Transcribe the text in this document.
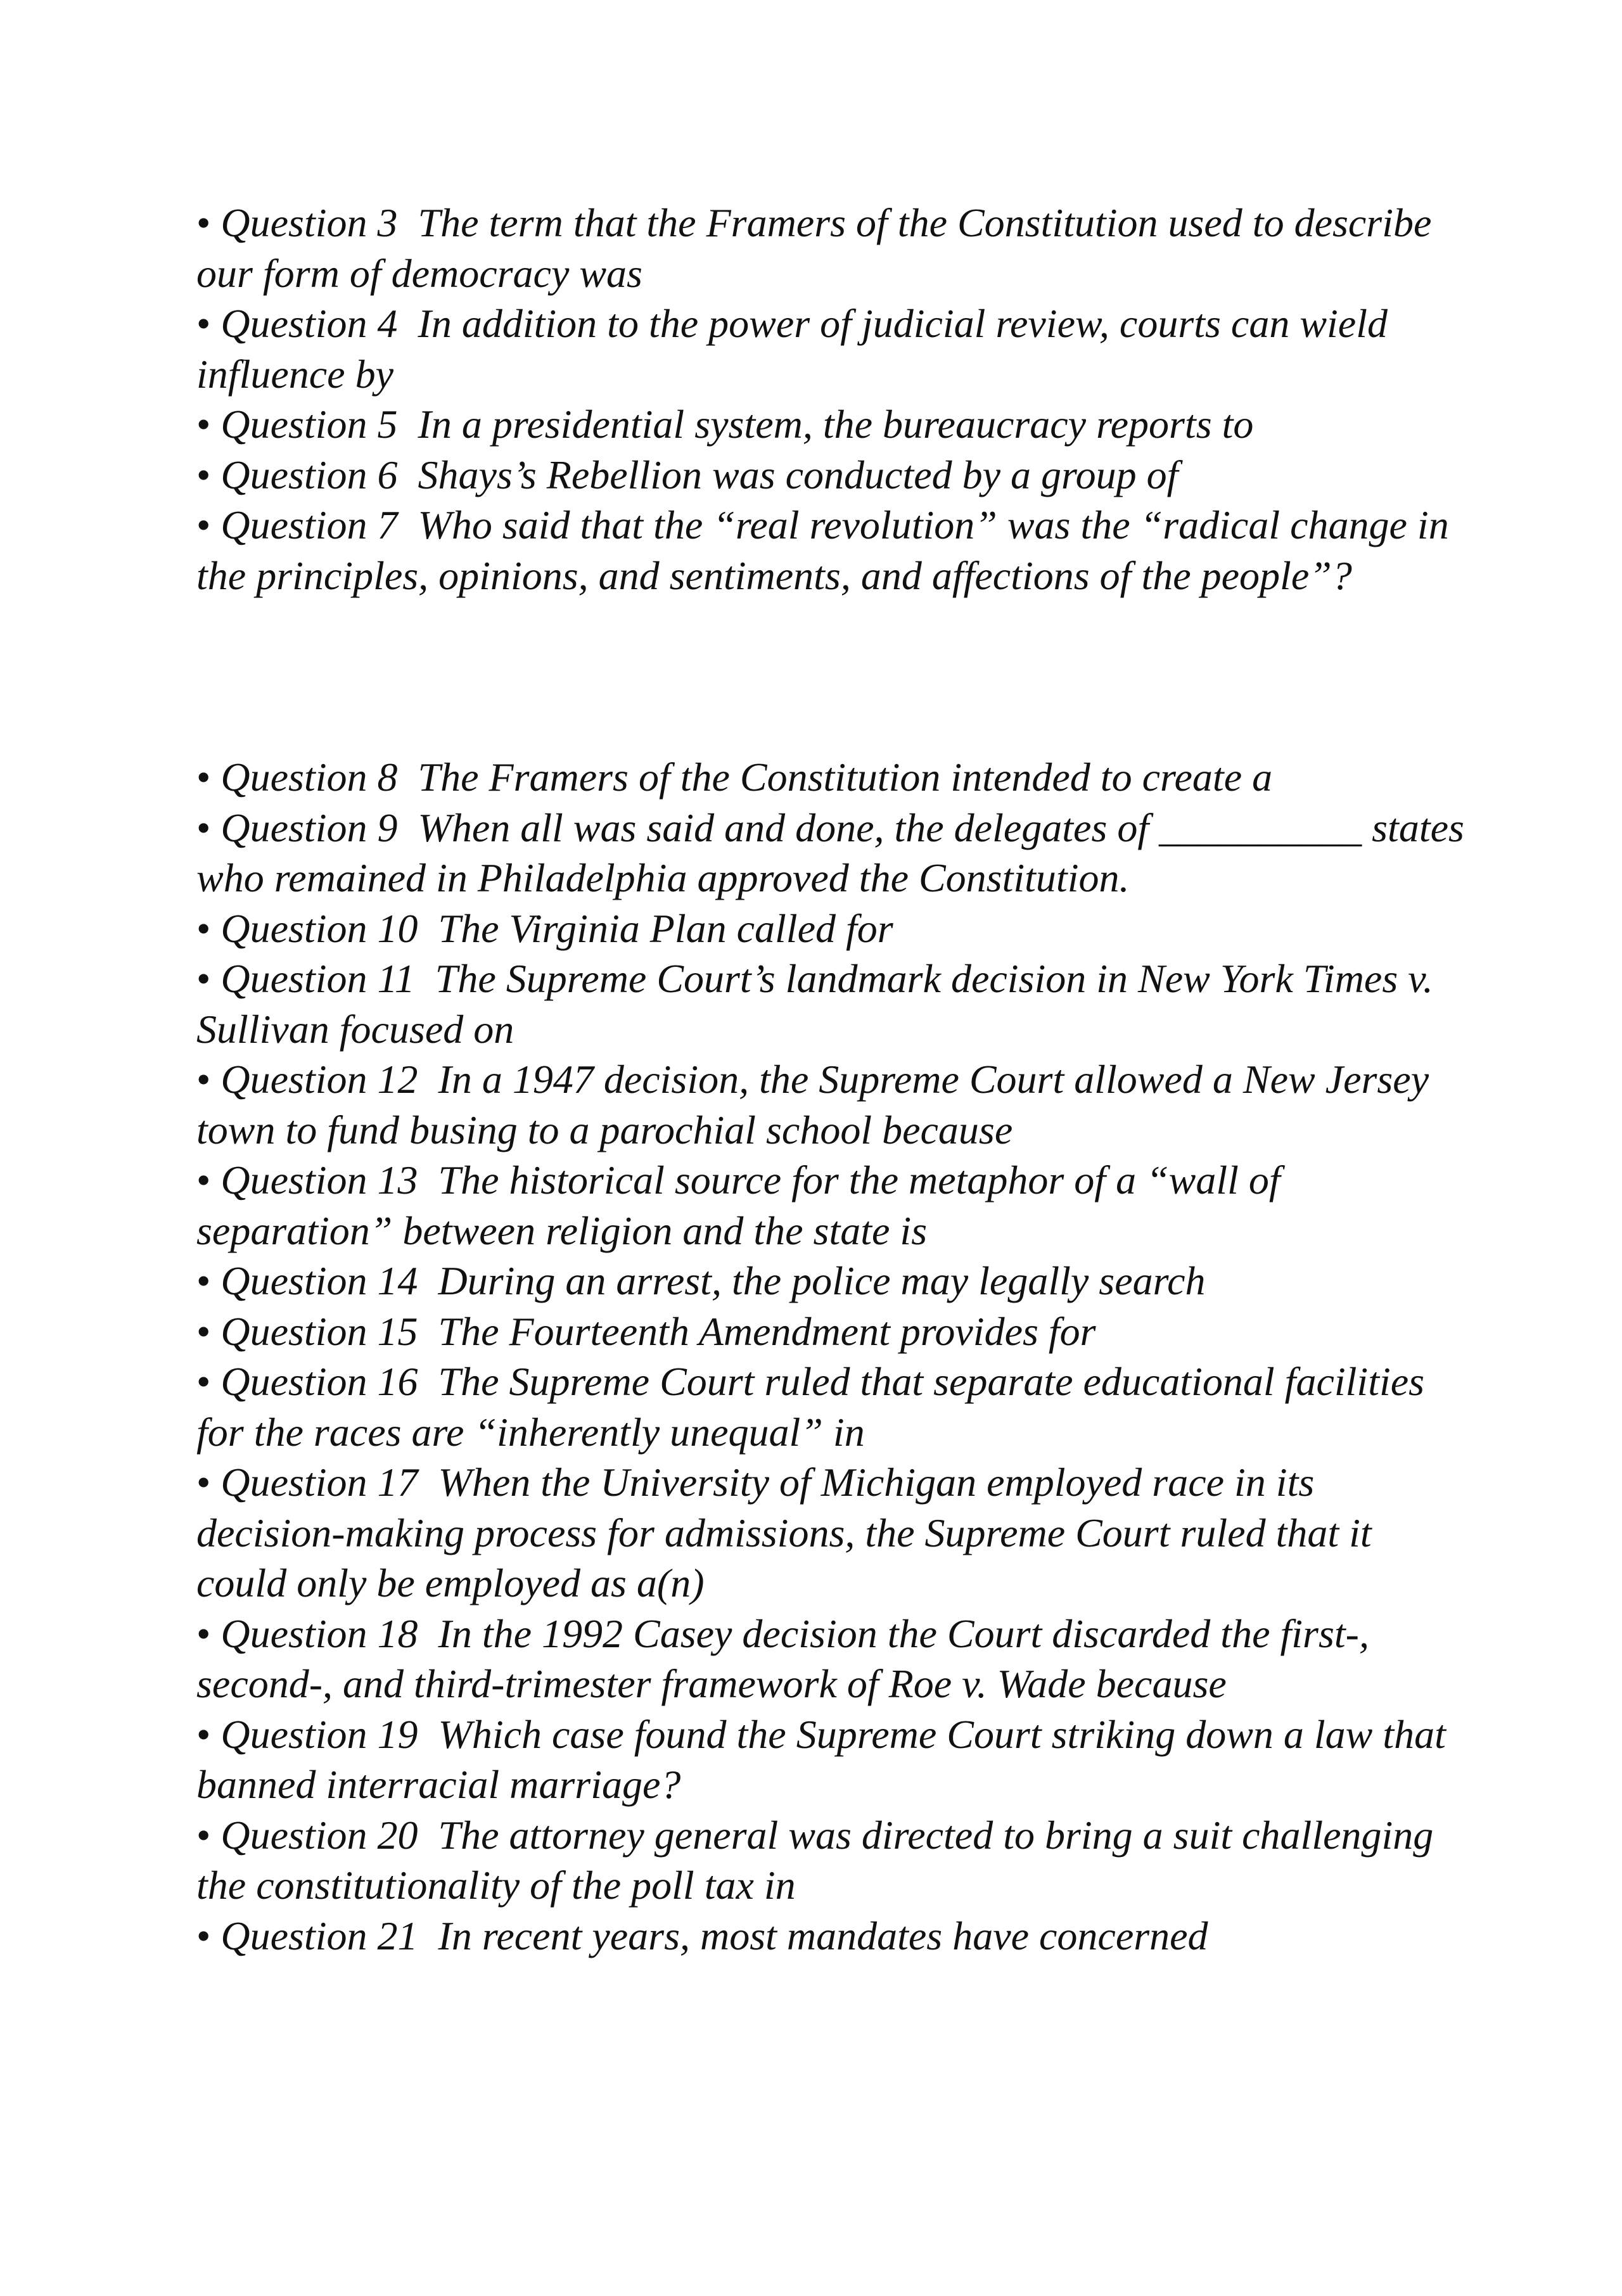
• Question 3 The term that the Framers of the Constitution used to describe our form of democracy was
• Question 4 In addition to the power of judicial review, courts can wield influence by
• Question 5 In a presidential system, the bureaucracy reports to
• Question 6 Shays’s Rebellion was conducted by a group of
• Question 7 Who said that the “real revolution” was the “radical change in the principles, opinions, and sentiments, and affections of the people”?
• Question 8 The Framers of the Constitution intended to create a
• Question 9 When all was said and done, the delegates of __________ states who remained in Philadelphia approved the Constitution.
• Question 10 The Virginia Plan called for
• Question 11 The Supreme Court’s landmark decision in New York Times v. Sullivan focused on
• Question 12 In a 1947 decision, the Supreme Court allowed a New Jersey town to fund busing to a parochial school because
• Question 13 The historical source for the metaphor of a “wall of separation” between religion and the state is
• Question 14 During an arrest, the police may legally search
• Question 15 The Fourteenth Amendment provides for
• Question 16 The Supreme Court ruled that separate educational facilities for the races are “inherently unequal” in
• Question 17 When the University of Michigan employed race in its decision-making process for admissions, the Supreme Court ruled that it could only be employed as a(n)
• Question 18 In the 1992 Casey decision the Court discarded the first-, second-, and third-trimester framework of Roe v. Wade because
• Question 19 Which case found the Supreme Court striking down a law that banned interracial marriage?
• Question 20 The attorney general was directed to bring a suit challenging the constitutionality of the poll tax in
• Question 21 In recent years, most mandates have concerned
